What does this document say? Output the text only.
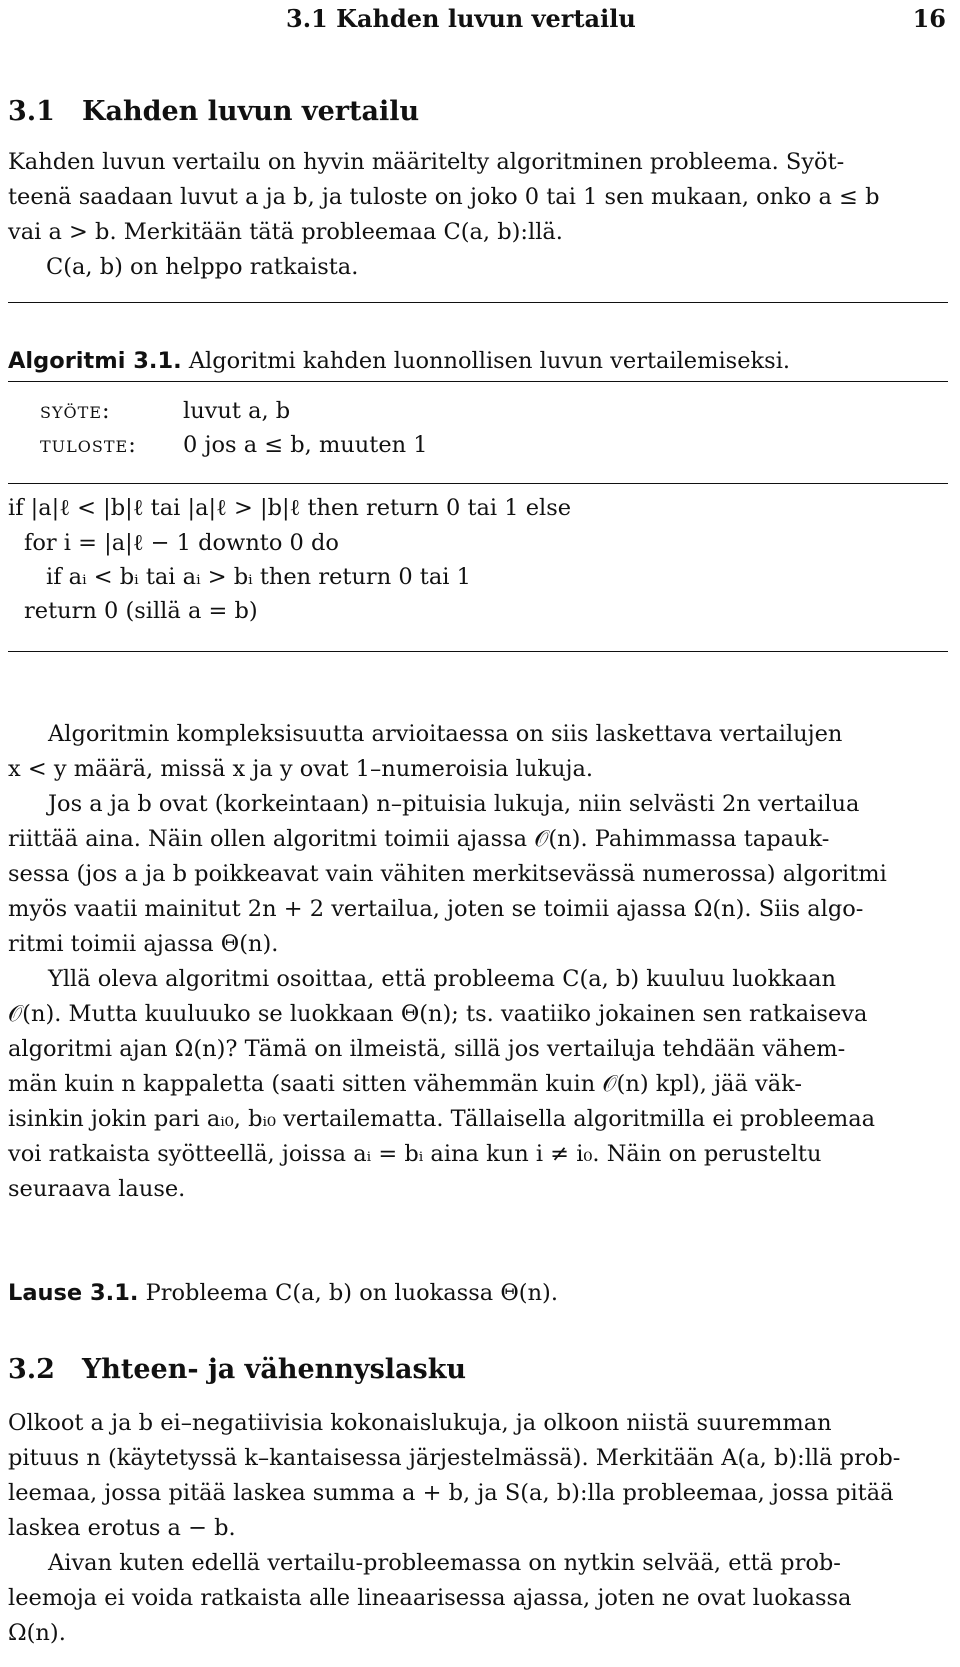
3.1 Kahden luvun vertailu	16
3.1 Kahden luvun vertailu
Kahden luvun vertailu on hyvin määritelty algoritminen probleema. Syöt-
teenä saadaan luvut a ja b, ja tuloste on joko 0 tai 1 sen mukaan, onko a ≤ b
vai a > b. Merkitään tätä probleemaa C(a, b):llä.
C(a, b) on helppo ratkaista.
Algoritmi 3.1. Algoritmi kahden luonnollisen luvun vertailemiseksi.
syöte:	luvut a, b
tuloste: 0 jos a ≤ b, muuten 1
if |a|ℓ < |b|ℓ tai |a|ℓ > |b|ℓ then return 0 tai 1 else
for i = |a|ℓ − 1 downto 0 do
if aᵢ < bᵢ tai aᵢ > bᵢ then return 0 tai 1
return 0 (sillä a = b)
Algoritmin kompleksisuutta arvioitaessa on siis laskettava vertailujen
x < y määrä, missä x ja y ovat 1–numeroisia lukuja.
Jos a ja b ovat (korkeintaan) n–pituisia lukuja, niin selvästi 2n vertailua
riittää aina. Näin ollen algoritmi toimii ajassa 𝒪(n). Pahimmassa tapauk-
sessa (jos a ja b poikkeavat vain vähiten merkitsevässä numerossa) algoritmi
myös vaatii mainitut 2n + 2 vertailua, joten se toimii ajassa Ω(n). Siis algo-
ritmi toimii ajassa Θ(n).
Yllä oleva algoritmi osoittaa, että probleema C(a, b) kuuluu luokkaan
𝒪(n). Mutta kuuluuko se luokkaan Θ(n); ts. vaatiiko jokainen sen ratkaiseva
algoritmi ajan Ω(n)? Tämä on ilmeistä, sillä jos vertailuja tehdään vähem-
män kuin n kappaletta (saati sitten vähemmän kuin 𝒪(n) kpl), jää väk-
isinkin jokin pari aᵢ₀, bᵢ₀ vertailematta. Tällaisella algoritmilla ei probleemaa
voi ratkaista syötteellä, joissa aᵢ = bᵢ aina kun i ≠ i₀. Näin on perusteltu
seuraava lause.
Lause 3.1. Probleema C(a, b) on luokassa Θ(n).
3.2 Yhteen- ja vähennyslasku
Olkoot a ja b ei–negatiivisia kokonaislukuja, ja olkoon niistä suuremman
pituus n (käytetyssä k–kantaisessa järjestelmässä). Merkitään A(a, b):llä prob-
leemaa, jossa pitää laskea summa a + b, ja S(a, b):lla probleemaa, jossa pitää
laskea erotus a − b.
Aivan kuten edellä vertailu-probleemassa on nytkin selvää, että prob-
leemoja ei voida ratkaista alle lineaarisessa ajassa, joten ne ovat luokassa
Ω(n).
